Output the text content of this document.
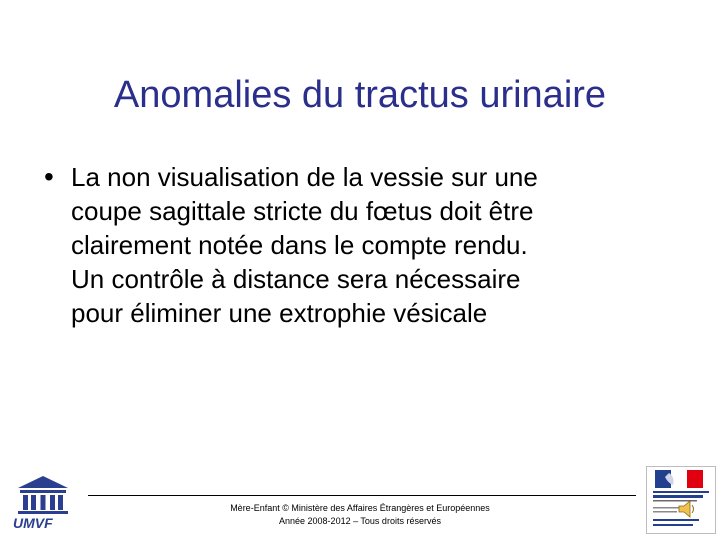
Anomalies du tractus urinaire
• La non visualisation de la vessie sur une
coupe sagittale stricte du fœtus doit être
clairement notée dans le compte rendu.
Un contrôle à distance sera nécessaire
pour éliminer une extrophie vésicale
UMVF
Mère-Enfant © Ministère des Affaires Étrangères et Européennes
Année 2008-2012 – Tous droits réservés
